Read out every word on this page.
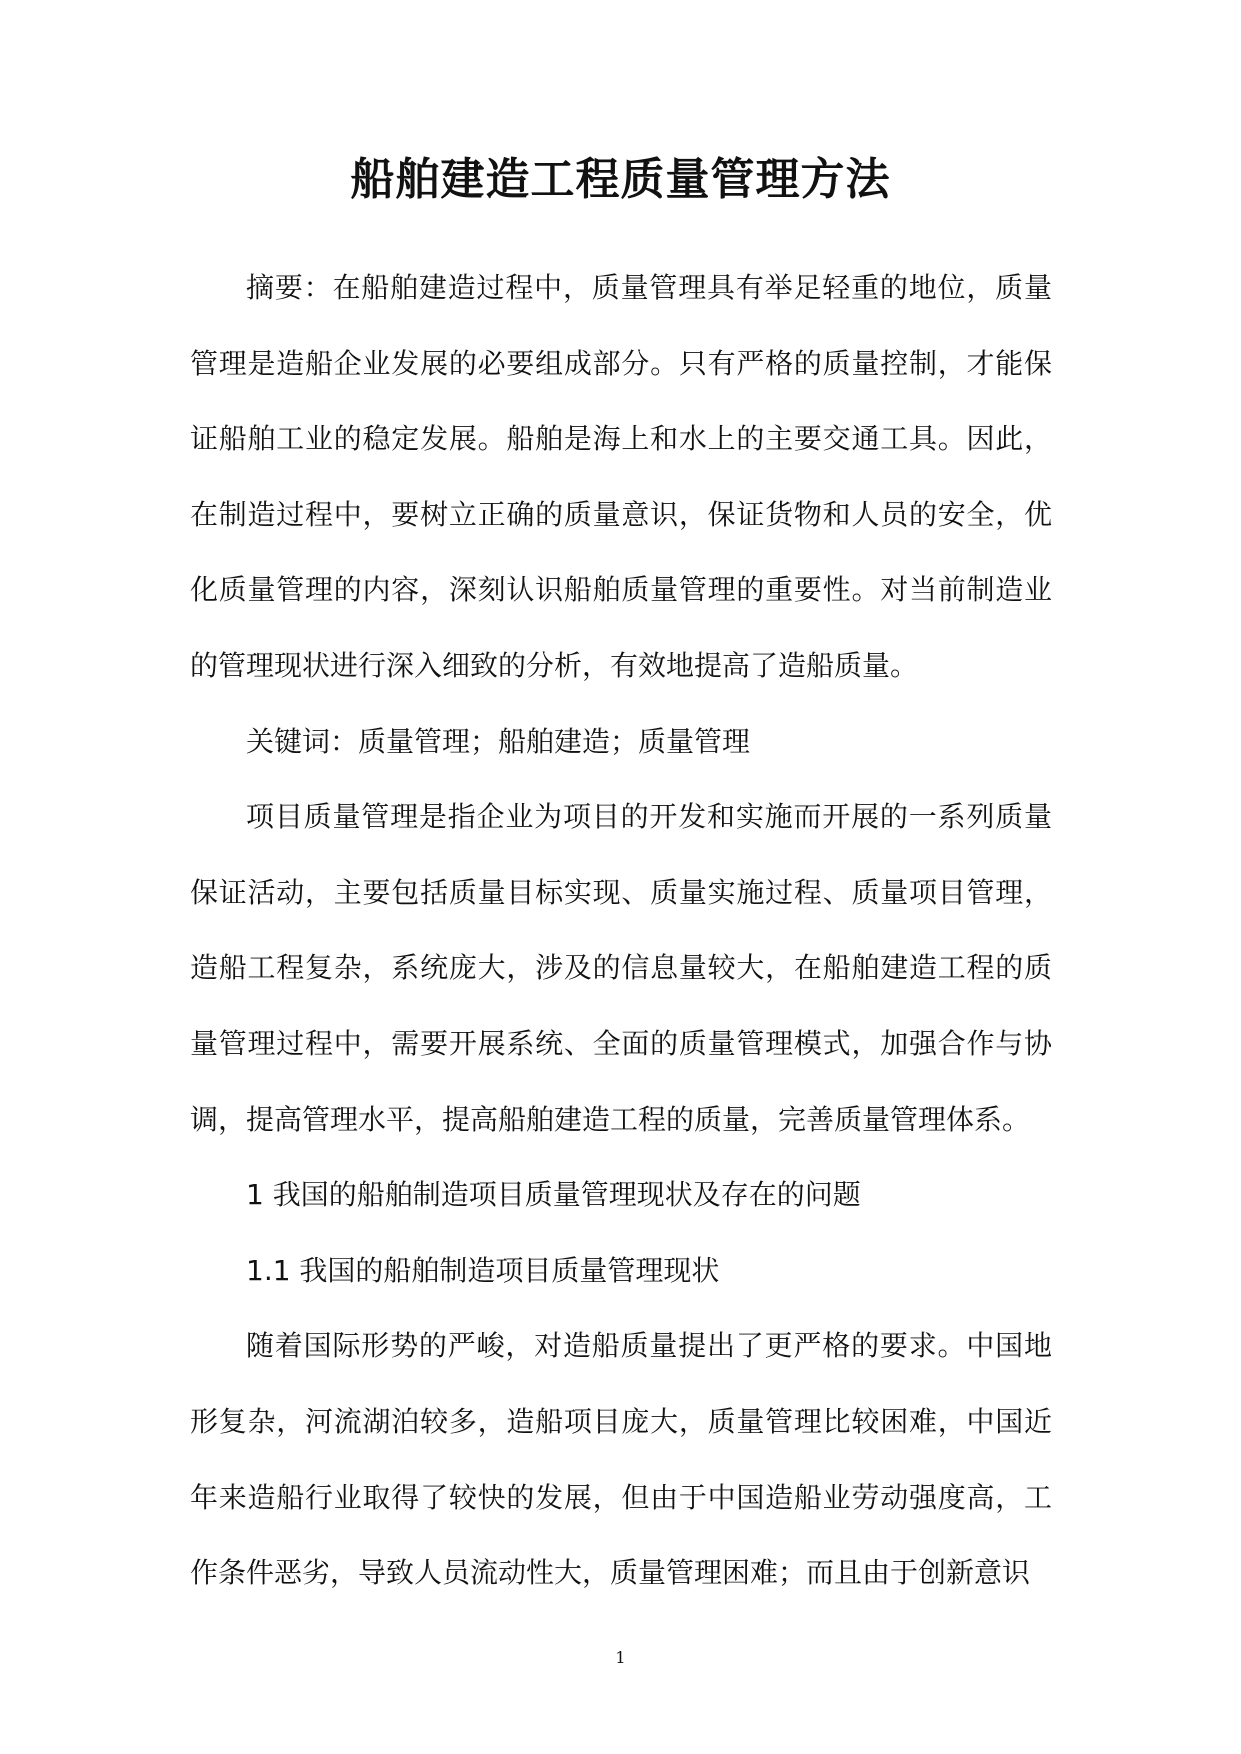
船舶建造工程质量管理方法

摘要：在船舶建造过程中，质量管理具有举足轻重的地位，质量管理是造船企业发展的必要组成部分。只有严格的质量控制，才能保证船舶工业的稳定发展。船舶是海上和水上的主要交通工具。因此，在制造过程中，要树立正确的质量意识，保证货物和人员的安全，优化质量管理的内容，深刻认识船舶质量管理的重要性。对当前制造业的管理现状进行深入细致的分析，有效地提高了造船质量。

关键词：质量管理；船舶建造；质量管理

项目质量管理是指企业为项目的开发和实施而开展的一系列质量保证活动，主要包括质量目标实现、质量实施过程、质量项目管理，造船工程复杂，系统庞大，涉及的信息量较大，在船舶建造工程的质量管理过程中，需要开展系统、全面的质量管理模式，加强合作与协调，提高管理水平，提高船舶建造工程的质量，完善质量管理体系。

1 我国的船舶制造项目质量管理现状及存在的问题

1.1 我国的船舶制造项目质量管理现状

随着国际形势的严峻，对造船质量提出了更严格的要求。中国地形复杂，河流湖泊较多，造船项目庞大，质量管理比较困难，中国近年来造船行业取得了较快的发展，但由于中国造船业劳动强度高，工作条件恶劣，导致人员流动性大，质量管理困难；而且由于创新意识

1
